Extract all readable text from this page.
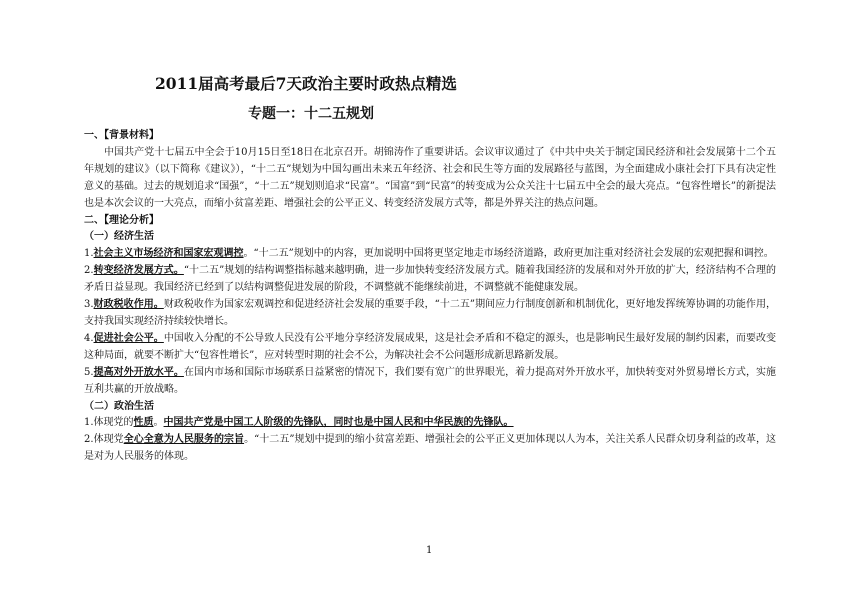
2011届高考最后7天政治主要时政热点精选
专题一：十二五规划

一、【背景材料】

中国共产党十七届五中全会于10月15日至18日在北京召开。胡锦涛作了重要讲话。会议审议通过了《中共中央关于制定国民经济和社会发展第十二个五年规划的建议》（以下简称《建议》），“十二五”规划为中国勾画出未来五年经济、社会和民生等方面的发展路径与蓝图，为全面建成小康社会打下具有决定性意义的基础。过去的规划追求“国强”，“十二五”规划则追求“民富”。“国富”到“民富”的转变成为公众关注十七届五中全会的最大亮点。“包容性增长”的新提法也是本次会议的一大亮点，而缩小贫富差距、增强社会的公平正义、转变经济发展方式等，都是外界关注的热点问题。

二、【理论分析】

（一）经济生活

1.社会主义市场经济和国家宏观调控。“十二五”规划中的内容，更加说明中国将更坚定地走市场经济道路，政府更加注重对经济社会发展的宏观把握和调控。

2.转变经济发展方式。“十二五”规划的结构调整指标越来越明确，进一步加快转变经济发展方式。随着我国经济的发展和对外开放的扩大，经济结构不合理的矛盾日益显现。我国经济已经到了以结构调整促进发展的阶段，不调整就不能继续前进，不调整就不能健康发展。

3.财政税收作用。财政税收作为国家宏观调控和促进经济社会发展的重要手段，“十二五”期间应力行制度创新和机制优化，更好地发挥统筹协调的功能作用，支持我国实现经济持续较快增长。

4.促进社会公平。中国收入分配的不公导致人民没有公平地分享经济发展成果，这是社会矛盾和不稳定的源头，也是影响民生最好发展的制约因素，而要改变这种局面，就要不断扩大“包容性增长”，应对转型时期的社会不公，为解决社会不公问题形成新思路新发展。

5.提高对外开放水平。在国内市场和国际市场联系日益紧密的情况下，我们要有宽广的世界眼光，着力提高对外开放水平，加快转变对外贸易增长方式，实施互利共赢的开放战略。

（二）政治生活

1.体现党的性质。中国共产党是中国工人阶级的先锋队，同时也是中国人民和中华民族的先锋队。

2.体现党全心全意为人民服务的宗旨。“十二五”规划中提到的缩小贫富差距、增强社会的公平正义更加体现以人为本，关注关系人民群众切身利益的改革，这是对为人民服务的体现。

1
